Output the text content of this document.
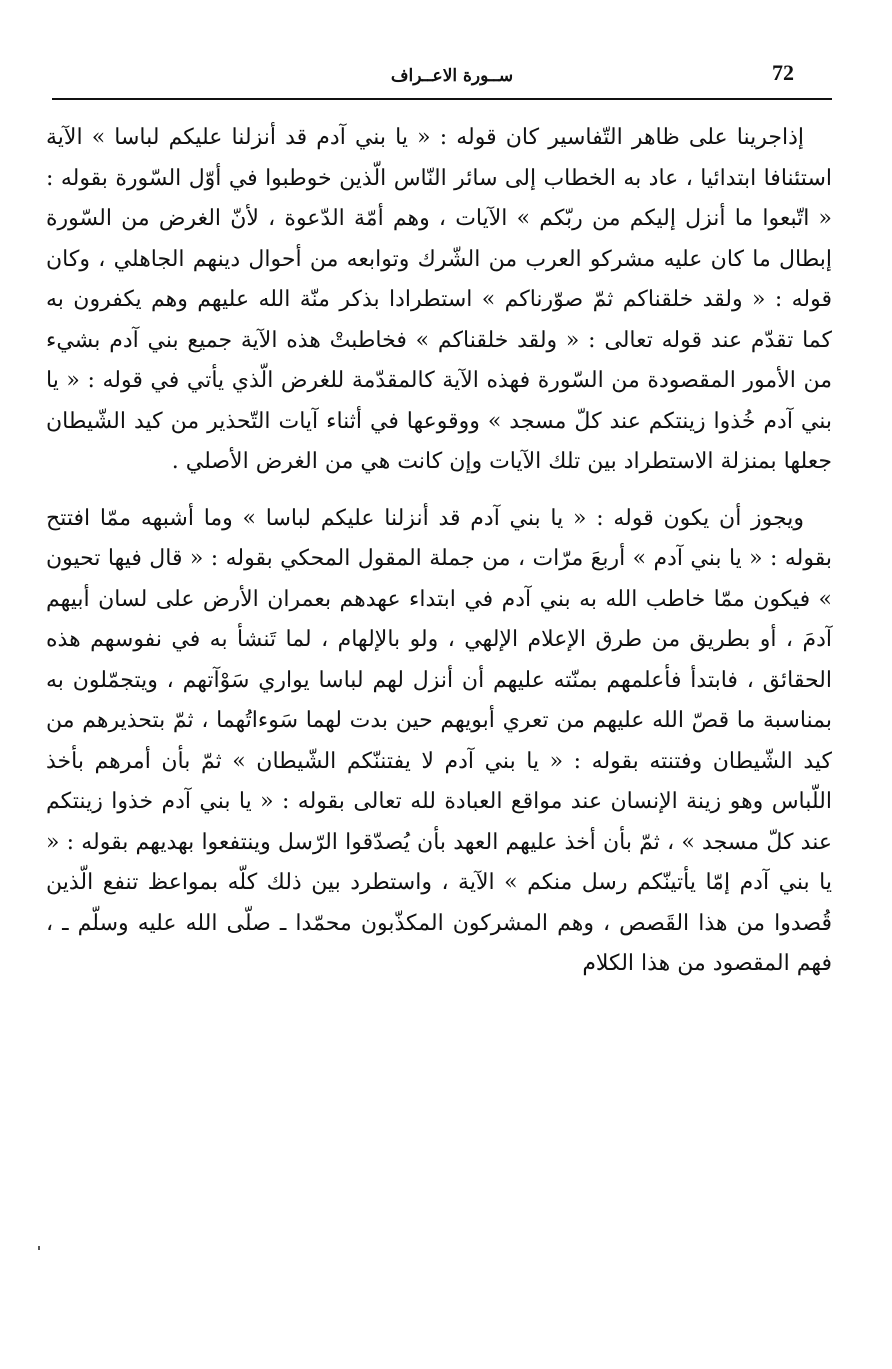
72
ســورة الاعــراف

إذاجرينا على ظاهر التّفاسير كان قوله : « يا بني آدم قد أنزلنا عليكم لباسا » الآية استئنافا ابتدائيا ، عاد به الخطاب إلى سائر النّاس الّذين خوطبوا في أوّل السّورة بقوله : « اتّبعوا ما أنزل إليكم من ربّكم » الآيات ، وهم أمّة الدّعوة ، لأنّ الغرض من السّورة إبطال ما كان عليه مشركو العرب من الشّرك وتوابعه من أحوال دينهم الجاهلي ، وكان قوله : « ولقد خلقناكم ثمّ صوّرناكم » استطرادا بذكر منّة الله عليهم وهم يكفرون به كما تقدّم عند قوله تعالى : « ولقد خلقناكم » فخاطبتْ هذه الآية جميع بني آدم بشيء من الأمور المقصودة من السّورة فهذه الآية كالمقدّمة للغرض الّذي يأتي في قوله : « يا بني آدم خُذوا زينتكم عند كلّ مسجد » ووقوعها في أثناء آيات التّحذير من كيد الشّيطان جعلها بمنزلة الاستطراد بين تلك الآيات وإن كانت هي من الغرض الأصلي .

ويجوز أن يكون قوله : « يا بني آدم قد أنزلنا عليكم لباسا » وما أشبهه ممّا افتتح بقوله : « يا بني آدم » أربعَ مرّات ، من جملة المقول المحكي بقوله : « قال فيها تحيون » فيكون ممّا خاطب الله به بني آدم في ابتداء عهدهم بعمران الأرض على لسان أبيهم آدمَ ، أو بطريق من طرق الإعلام الإلهي ، ولو بالإلهام ، لما تَنشأ به في نفوسهم هذه الحقائق ، فابتدأ فأعلمهم بمنّته عليهم أن أنزل لهم لباسا يواري سَوْآتهم ، ويتجمّلون به بمناسبة ما قصّ الله عليهم من تعري أبويهم حين بدت لهما سَوءاتُهما ، ثمّ بتحذيرهم من كيد الشّيطان وفتنته بقوله : « يا بني آدم لا يفتننّكم الشّيطان » ثمّ بأن أمرهم بأخذ اللّباس وهو زينة الإنسان عند مواقع العبادة لله تعالى بقوله : « يا بني آدم خذوا زينتكم عند كلّ مسجد » ، ثمّ بأن أخذ عليهم العهد بأن يُصدّقوا الرّسل وينتفعوا بهديهم بقوله : « يا بني آدم إمّا يأتينّكم رسل منكم » الآية ، واستطرد بين ذلك كلّه بمواعظ تنفع الّذين قُصدوا من هذا القَصص ، وهم المشركون المكذّبون محمّدا ـ صلّى الله عليه وسلّم ـ ، فهم المقصود من هذا الكلام
